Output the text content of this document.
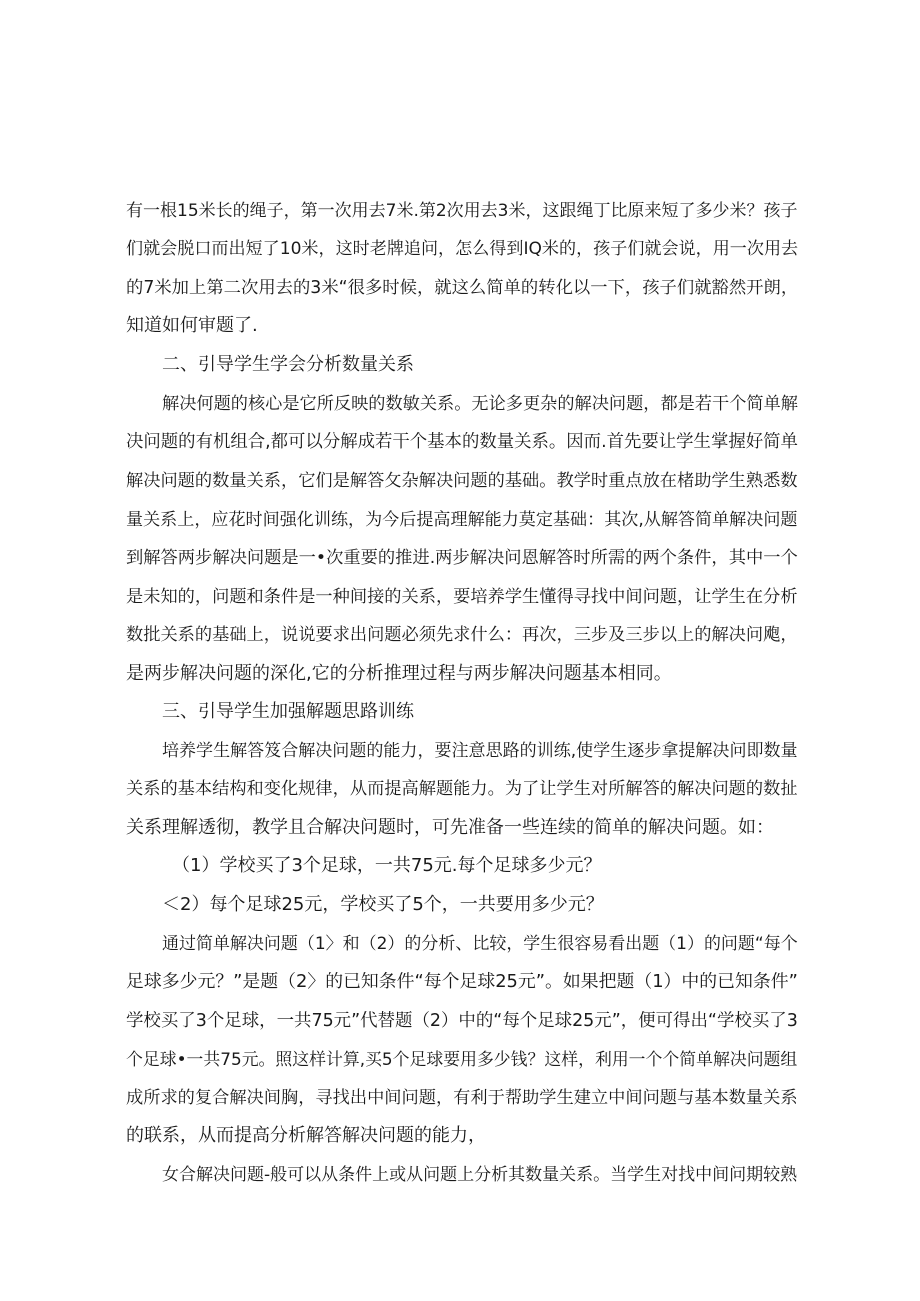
有一根15米长的绳子，第一次用去7米.第2次用去3米，这跟绳丁比原来短了多少米？孩子
们就会脱口而出短了10米，这时老牌追问，怎么得到IQ米的，孩子们就会说，用一次用去
的7米加上第二次用去的3米“很多时候，就这么简单的转化以一下，孩子们就豁然开朗，
知道如何审题了.
二、引导学生学会分析数量关系
解决何题的核心是它所反映的数敏关系。无论多更杂的解决问题，都是若干个简单解
决问题的有机组合,都可以分解成若干个基本的数量关系。因而.首先要让学生掌握好简单
解决问题的数量关系，它们是解答攵杂解决问题的基础。教学时重点放在楮助学生熟悉数
量关系上，应花时间强化训练，为今后提高理解能力莫定基础：其次,从解答简单解决问题
到解答两步解决问题是一•次重要的推进.两步解决问恩解答时所需的两个条件，其中一个
是未知的，问题和条件是一种间接的关系，要培养学生懂得寻找中间问题，让学生在分析
数批关系的基础上，说说要求出问题必须先求什么：再次，三步及三步以上的解决问飑，
是两步解决问题的深化,它的分析推理过程与两步解决问题基本相同。
三、引导学生加强解题思路训练
培养学生解答笈合解决问题的能力，要注意思路的训练,使学生逐步拿提解决问即数量
关系的基本结构和变化规律，从而提高解题能力。为了让学生对所解答的解决问题的数扯
关系理解透彻，教学且合解决问题时，可先准备一些连续的简单的解决问题。如：
（1）学校买了3个足球，一共75元.每个足球多少元？
＜2）每个足球25元，学校买了5个，一共要用多少元？
通过简单解决问题（1〉和（2）的分析、比较，学生很容易看出题（1）的问题“每个
足球多少元？”是题（2〉的已知条件“每个足球25元”。如果把题（1）中的已知条件”
学校买了3个足球，一共75元”代替题（2）中的“每个足球25元”，便可得出“学校买了3
个足球•一共75元。照这样计算,买5个足球要用多少钱？这样，利用一个个简单解决问题组
成所求的复合解决间胸，寻找出中间问题，有利于帮助学生建立中间问题与基本数量关系
的联系，从而提高分析解答解决问题的能力，
女合解决问题-般可以从条件上或从问题上分析其数量关系。当学生对找中间问期较熟
